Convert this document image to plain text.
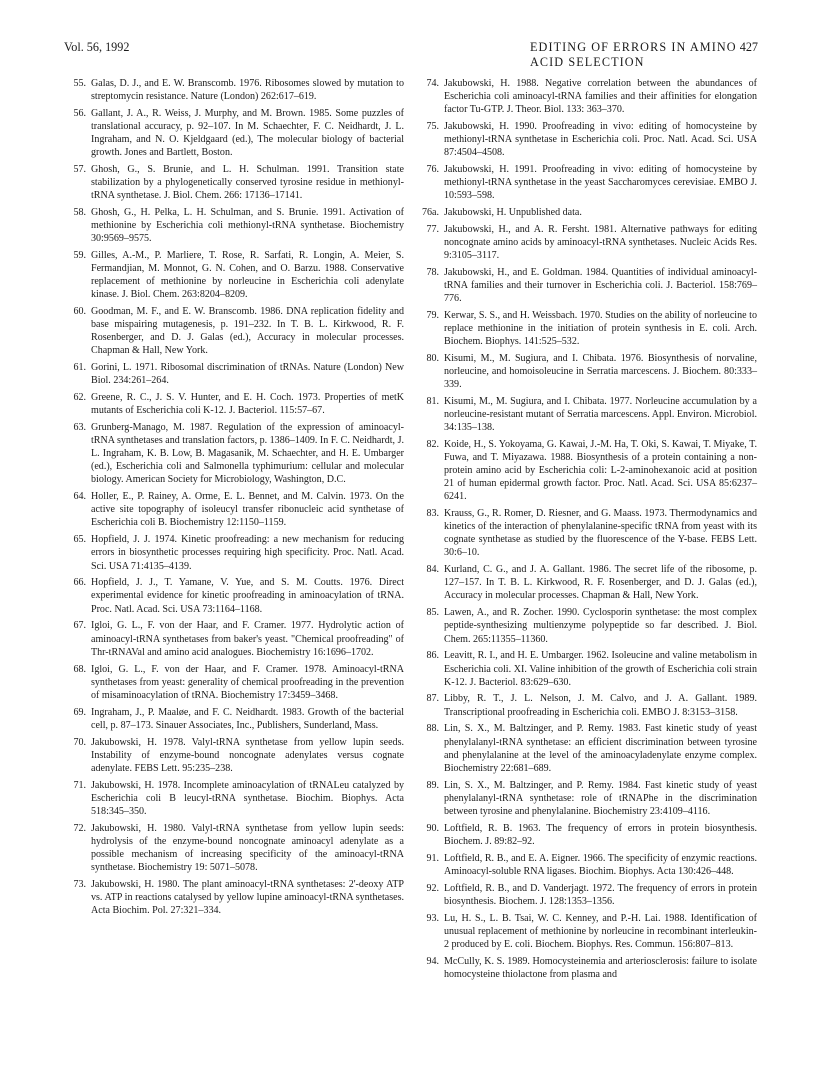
Vol. 56, 1992	EDITING OF ERRORS IN AMINO ACID SELECTION
427
55. Galas, D. J., and E. W. Branscomb. 1976. Ribosomes slowed by mutation to streptomycin resistance. Nature (London) 262:617–619.
56. Gallant, J. A., R. Weiss, J. Murphy, and M. Brown. 1985. Some puzzles of translational accuracy, p. 92–107. In M. Schaechter, F. C. Neidhardt, J. L. Ingraham, and N. O. Kjeldgaard (ed.), The molecular biology of bacterial growth. Jones and Bartlett, Boston.
57. Ghosh, G., S. Brunie, and L. H. Schulman. 1991. Transition state stabilization by a phylogenetically conserved tyrosine residue in methionyl-tRNA synthetase. J. Biol. Chem. 266: 17136–17141.
58. Ghosh, G., H. Pelka, L. H. Schulman, and S. Brunie. 1991. Activation of methionine by Escherichia coli methionyl-tRNA synthetase. Biochemistry 30:9569–9575.
59. Gilles, A.-M., P. Marliere, T. Rose, R. Sarfati, R. Longin, A. Meier, S. Fermandjian, M. Monnot, G. N. Cohen, and O. Barzu. 1988. Conservative replacement of methionine by norleucine in Escherichia coli adenylate kinase. J. Biol. Chem. 263:8204–8209.
60. Goodman, M. F., and E. W. Branscomb. 1986. DNA replication fidelity and base mispairing mutagenesis, p. 191–232. In T. B. L. Kirkwood, R. F. Rosenberger, and D. J. Galas (ed.), Accuracy in molecular processes. Chapman & Hall, New York.
61. Gorini, L. 1971. Ribosomal discrimination of tRNAs. Nature (London) New Biol. 234:261–264.
62. Greene, R. C., J. S. V. Hunter, and E. H. Coch. 1973. Properties of metK mutants of Escherichia coli K-12. J. Bacteriol. 115:57–67.
63. Grunberg-Manago, M. 1987. Regulation of the expression of aminoacyl-tRNA synthetases and translation factors, p. 1386–1409. In F. C. Neidhardt, J. L. Ingraham, K. B. Low, B. Magasanik, M. Schaechter, and H. E. Umbarger (ed.), Escherichia coli and Salmonella typhimurium: cellular and molecular biology. American Society for Microbiology, Washington, D.C.
64. Holler, E., P. Rainey, A. Orme, E. L. Bennet, and M. Calvin. 1973. On the active site topography of isoleucyl transfer ribonucleic acid synthetase of Escherichia coli B. Biochemistry 12:1150–1159.
65. Hopfield, J. J. 1974. Kinetic proofreading: a new mechanism for reducing errors in biosynthetic processes requiring high specificity. Proc. Natl. Acad. Sci. USA 71:4135–4139.
66. Hopfield, J. J., T. Yamane, V. Yue, and S. M. Coutts. 1976. Direct experimental evidence for kinetic proofreading in aminoacylation of tRNA. Proc. Natl. Acad. Sci. USA 73:1164–1168.
67. Igloi, G. L., F. von der Haar, and F. Cramer. 1977. Hydrolytic action of aminoacyl-tRNA synthetases from baker's yeast. "Chemical proofreading" of Thr-tRNAVal and amino acid analogues. Biochemistry 16:1696–1702.
68. Igloi, G. L., F. von der Haar, and F. Cramer. 1978. Aminoacyl-tRNA synthetases from yeast: generality of chemical proofreading in the prevention of misaminoacylation of tRNA. Biochemistry 17:3459–3468.
69. Ingraham, J., P. Maaløe, and F. C. Neidhardt. 1983. Growth of the bacterial cell, p. 87–173. Sinauer Associates, Inc., Publishers, Sunderland, Mass.
70. Jakubowski, H. 1978. Valyl-tRNA synthetase from yellow lupin seeds. Instability of enzyme-bound noncognate adenylates versus cognate adenylate. FEBS Lett. 95:235–238.
71. Jakubowski, H. 1978. Incomplete aminoacylation of tRNALeu catalyzed by Escherichia coli B leucyl-tRNA synthetase. Biochim. Biophys. Acta 518:345–350.
72. Jakubowski, H. 1980. Valyl-tRNA synthetase from yellow lupin seeds: hydrolysis of the enzyme-bound noncognate aminoacyl adenylate as a possible mechanism of increasing specificity of the aminoacyl-tRNA synthetase. Biochemistry 19: 5071–5078.
73. Jakubowski, H. 1980. The plant aminoacyl-tRNA synthetases: 2'-deoxy ATP vs. ATP in reactions catalysed by yellow lupine aminoacyl-tRNA synthetases. Acta Biochim. Pol. 27:321–334.
74. Jakubowski, H. 1988. Negative correlation between the abundances of Escherichia coli aminoacyl-tRNA families and their affinities for elongation factor Tu-GTP. J. Theor. Biol. 133: 363–370.
75. Jakubowski, H. 1990. Proofreading in vivo: editing of homocysteine by methionyl-tRNA synthetase in Escherichia coli. Proc. Natl. Acad. Sci. USA 87:4504–4508.
76. Jakubowski, H. 1991. Proofreading in vivo: editing of homocysteine by methionyl-tRNA synthetase in the yeast Saccharomyces cerevisiae. EMBO J. 10:593–598.
76a. Jakubowski, H. Unpublished data.
77. Jakubowski, H., and A. R. Fersht. 1981. Alternative pathways for editing noncognate amino acids by aminoacyl-tRNA synthetases. Nucleic Acids Res. 9:3105–3117.
78. Jakubowski, H., and E. Goldman. 1984. Quantities of individual aminoacyl-tRNA families and their turnover in Escherichia coli. J. Bacteriol. 158:769–776.
79. Kerwar, S. S., and H. Weissbach. 1970. Studies on the ability of norleucine to replace methionine in the initiation of protein synthesis in E. coli. Arch. Biochem. Biophys. 141:525–532.
80. Kisumi, M., M. Sugiura, and I. Chibata. 1976. Biosynthesis of norvaline, norleucine, and homoisoleucine in Serratia marcescens. J. Biochem. 80:333–339.
81. Kisumi, M., M. Sugiura, and I. Chibata. 1977. Norleucine accumulation by a norleucine-resistant mutant of Serratia marcescens. Appl. Environ. Microbiol. 34:135–138.
82. Koide, H., S. Yokoyama, G. Kawai, J.-M. Ha, T. Oki, S. Kawai, T. Miyake, T. Fuwa, and T. Miyazawa. 1988. Biosynthesis of a protein containing a non-protein amino acid by Escherichia coli: L-2-aminohexanoic acid at position 21 of human epidermal growth factor. Proc. Natl. Acad. Sci. USA 85:6237–6241.
83. Krauss, G., R. Romer, D. Riesner, and G. Maass. 1973. Thermodynamics and kinetics of the interaction of phenylalanine-specific tRNA from yeast with its cognate synthetase as studied by the fluorescence of the Y-base. FEBS Lett. 30:6–10.
84. Kurland, C. G., and J. A. Gallant. 1986. The secret life of the ribosome, p. 127–157. In T. B. L. Kirkwood, R. F. Rosenberger, and D. J. Galas (ed.), Accuracy in molecular processes. Chapman & Hall, New York.
85. Lawen, A., and R. Zocher. 1990. Cyclosporin synthetase: the most complex peptide-synthesizing multienzyme polypeptide so far described. J. Biol. Chem. 265:11355–11360.
86. Leavitt, R. I., and H. E. Umbarger. 1962. Isoleucine and valine metabolism in Escherichia coli. XI. Valine inhibition of the growth of Escherichia coli strain K-12. J. Bacteriol. 83:629–630.
87. Libby, R. T., J. L. Nelson, J. M. Calvo, and J. A. Gallant. 1989. Transcriptional proofreading in Escherichia coli. EMBO J. 8:3153–3158.
88. Lin, S. X., M. Baltzinger, and P. Remy. 1983. Fast kinetic study of yeast phenylalanyl-tRNA synthetase: an efficient discrimination between tyrosine and phenylalanine at the level of the aminoacyladenylate enzyme complex. Biochemistry 22:681–689.
89. Lin, S. X., M. Baltzinger, and P. Remy. 1984. Fast kinetic study of yeast phenylalanyl-tRNA synthetase: role of tRNAPhe in the discrimination between tyrosine and phenylalanine. Biochemistry 23:4109–4116.
90. Loftfield, R. B. 1963. The frequency of errors in protein biosynthesis. Biochem. J. 89:82–92.
91. Loftfield, R. B., and E. A. Eigner. 1966. The specificity of enzymic reactions. Aminoacyl-soluble RNA ligases. Biochim. Biophys. Acta 130:426–448.
92. Loftfield, R. B., and D. Vanderjagt. 1972. The frequency of errors in protein biosynthesis. Biochem. J. 128:1353–1356.
93. Lu, H. S., L. B. Tsai, W. C. Kenney, and P.-H. Lai. 1988. Identification of unusual replacement of methionine by norleucine in recombinant interleukin-2 produced by E. coli. Biochem. Biophys. Res. Commun. 156:807–813.
94. McCully, K. S. 1989. Homocysteinemia and arteriosclerosis: failure to isolate homocysteine thiolactone from plasma and
